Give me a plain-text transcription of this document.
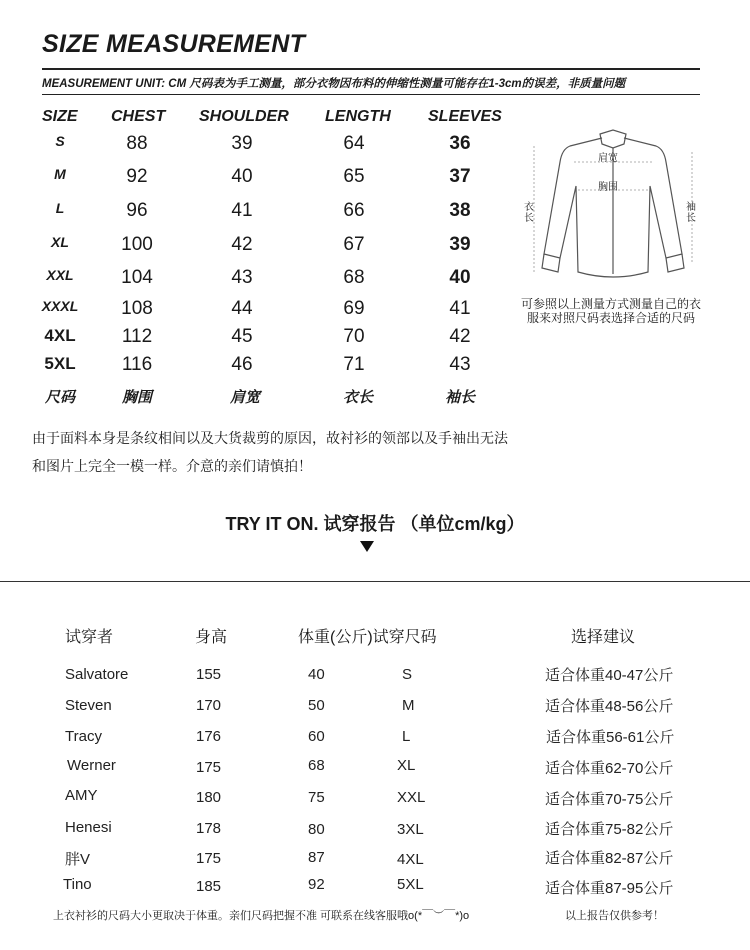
SIZE MEASUREMENT
MEASUREMENT UNIT: CM 尺码表为手工测量，部分衣物因布料的伸缩性测量可能存在1-3cm的误差，非质量问题
SIZE CHEST SHOULDER LENGTH SLEEVES
S	88	39	64	36
M	92	40	65	37
L	96	41	66	38
XL	100	42	67	39
XXL	104	43	68	40
XXXL	108	44	69	41
4XL	112	45	70	42
5XL	116	46	71	43
尺码	胸围	肩宽	衣长	袖长
肩宽
胸围
衣长
袖长
可参照以上测量方式测量自己的衣服来对照尺码表选择合适的尺码
由于面料本身是条纹相间以及大货裁剪的原因，故衬衫的领部以及手袖出无法
和图片上完全一模一样。介意的亲们请慎拍！
TRY IT ON. 试穿报告 （单位cm/kg）
试穿者	身高	体重(公斤)试穿尺码	选择建议
Salvatore	155	40	S	适合体重40-47公斤
Steven	170	50	M	适合体重48-56公斤
Tracy	176	60	L	适合体重56-61公斤
Werner	175	68	XL	适合体重62-70公斤
AMY	180	75	XXL	适合体重70-75公斤
Henesi	178	80	3XL	适合体重75-82公斤
胖V	175	87	4XL	适合体重82-87公斤
Tino	185	92	5XL	适合体重87-95公斤
上衣衬衫的尺码大小更取决于体重。亲们尺码把握不准 可联系在线客服哦o(*￣︶￣*)o	以上报告仅供参考！
